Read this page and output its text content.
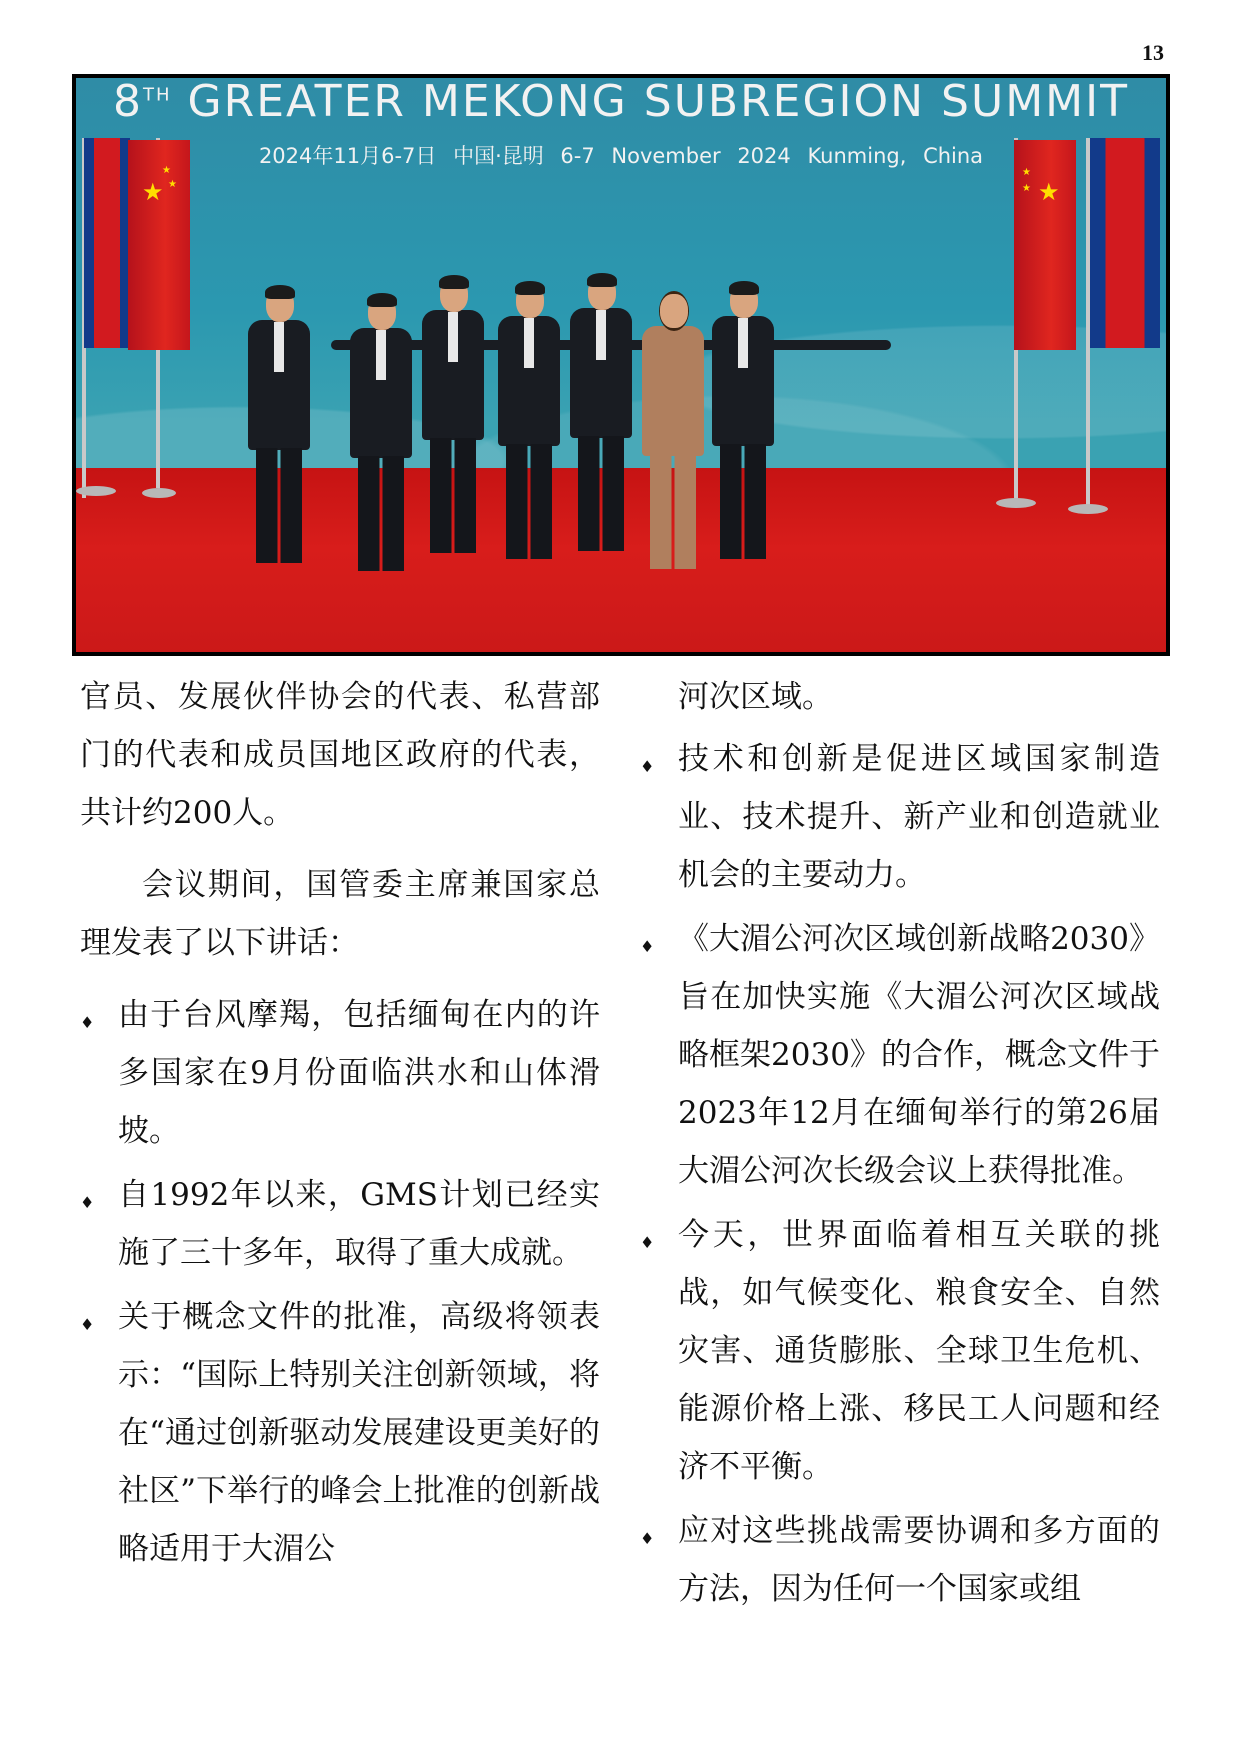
13
8TH GREATER MEKONG SUBREGION SUMMIT
2024年11月6-7日 中国·昆明 6-7 November 2024 Kunming, China
★
★
★	★
★
★

官员、发展伙伴协会的代表、私营部门的代表和成员国地区政府的代表，共计约200人。

会议期间，国管委主席兼国家总理发表了以下讲话：

♦ 由于台风摩羯，包括缅甸在内的许多国家在9月份面临洪水和山体滑坡。
♦ 自1992年以来，GMS计划已经实施了三十多年，取得了重大成就。
♦ 关于概念文件的批准，高级将领表示：“国际上特别关注创新领域，将在“通过创新驱动发展建设更美好的社区”下举行的峰会上批准的创新战略适用于大湄公

河次区域。

♦ 技术和创新是促进区域国家制造业、技术提升、新产业和创造就业机会的主要动力。
♦ 《大湄公河次区域创新战略2030》旨在加快实施《大湄公河次区域战略框架2030》的合作，概念文件于2023年12月在缅甸举行的第26届大湄公河次长级会议上获得批准。
♦ 今天，世界面临着相互关联的挑战，如气候变化、粮食安全、自然灾害、通货膨胀、全球卫生危机、能源价格上涨、移民工人问题和经济不平衡。
♦ 应对这些挑战需要协调和多方面的方法，因为任何一个国家或组
